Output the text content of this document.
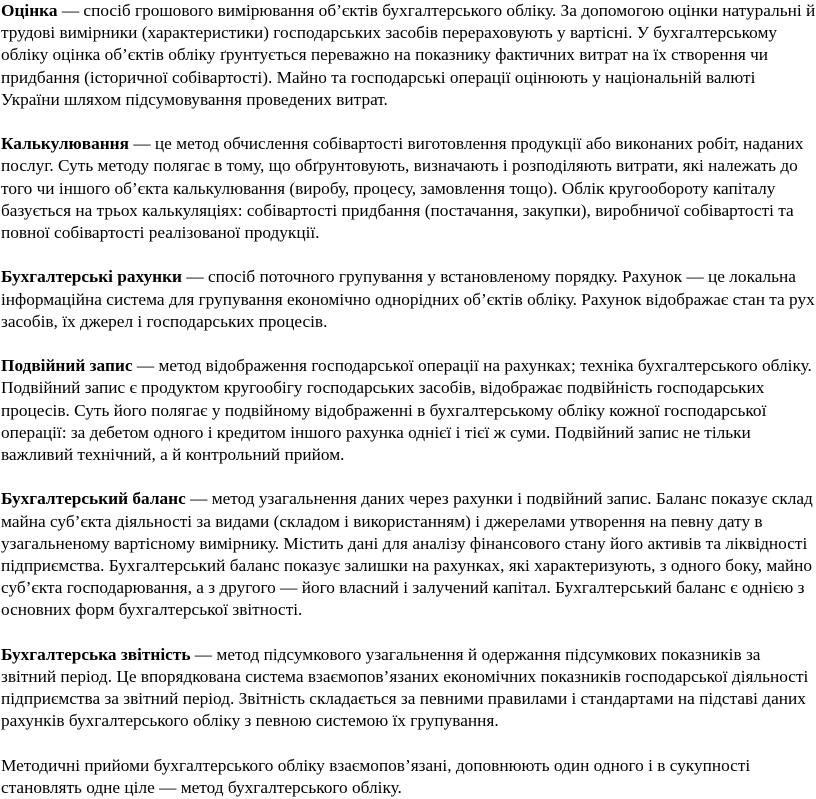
Оцінка — спосіб грошового вимірювання об’єктів бухгалтерського обліку. За допомогою оцінки натуральні й трудові вимірники (характеристики) господарських засобів перераховують у вартісні. У бухгалтерському обліку оцінка об’єктів обліку ґрунтується переважно на показнику фактичних витрат на їх створення чи придбання (історичної собівартості). Майно та господарські операції оцінюють у національній валюті України шляхом підсумовування проведених витрат.

Калькулювання — це метод обчислення собівартості виготовлення продукції або виконаних робіт, наданих послуг. Суть методу полягає в тому, що обґрунтовують, визначають і розподіляють витрати, які належать до того чи іншого об’єкта калькулювання (виробу, процесу, замовлення тощо). Облік кругообороту капіталу базується на трьох калькуляціях: собівартості придбання (постачання, закупки), виробничої собівартості та повної собівартості реалізованої продукції.

Бухгалтерські рахунки — спосіб поточного групування у встановленому порядку. Рахунок — це локальна інформаційна система для групування економічно однорідних об’єктів обліку. Рахунок відображає стан та рух засобів, їх джерел і господарських процесів.

Подвійний запис — метод відображення господарської операції на рахунках; техніка бухгалтерського обліку. Подвійний запис є продуктом кругообігу господарських засобів, відображає подвійність господарських процесів. Суть його полягає у подвійному відображенні в бухгалтерському обліку кожної господарської операції: за дебетом одного і кредитом іншого рахунка однієї і тієї ж суми. Подвійний запис не тільки важливий технічний, а й контрольний прийом.

Бухгалтерський баланс — метод узагальнення даних через рахунки і подвійний запис. Баланс показує склад майна суб’єкта діяльності за видами (складом і використанням) і джерелами утворення на певну дату в узагальненому вартісному вимірнику. Містить дані для аналізу фінансового стану його активів та ліквідності підприємства. Бухгалтерський баланс показує залишки на рахунках, які характеризують, з одного боку, майно суб’єкта господарювання, а з другого — його власний і залучений капітал. Бухгалтерський баланс є однією з основних форм бухгалтерської звітності.

Бухгалтерська звітність — метод підсумкового узагальнення й одержання підсумкових показників за звітний період. Це впорядкована система взаємопов’язаних економічних показників господарської діяльності підприємства за звітний період. Звітність складається за певними правилами і стандартами на підставі даних рахунків бухгалтерського обліку з певною системою їх групування.

Методичні прийоми бухгалтерського обліку взаємопов’язані, доповнюють один одного і в сукупності становлять одне ціле — метод бухгалтерського обліку.
